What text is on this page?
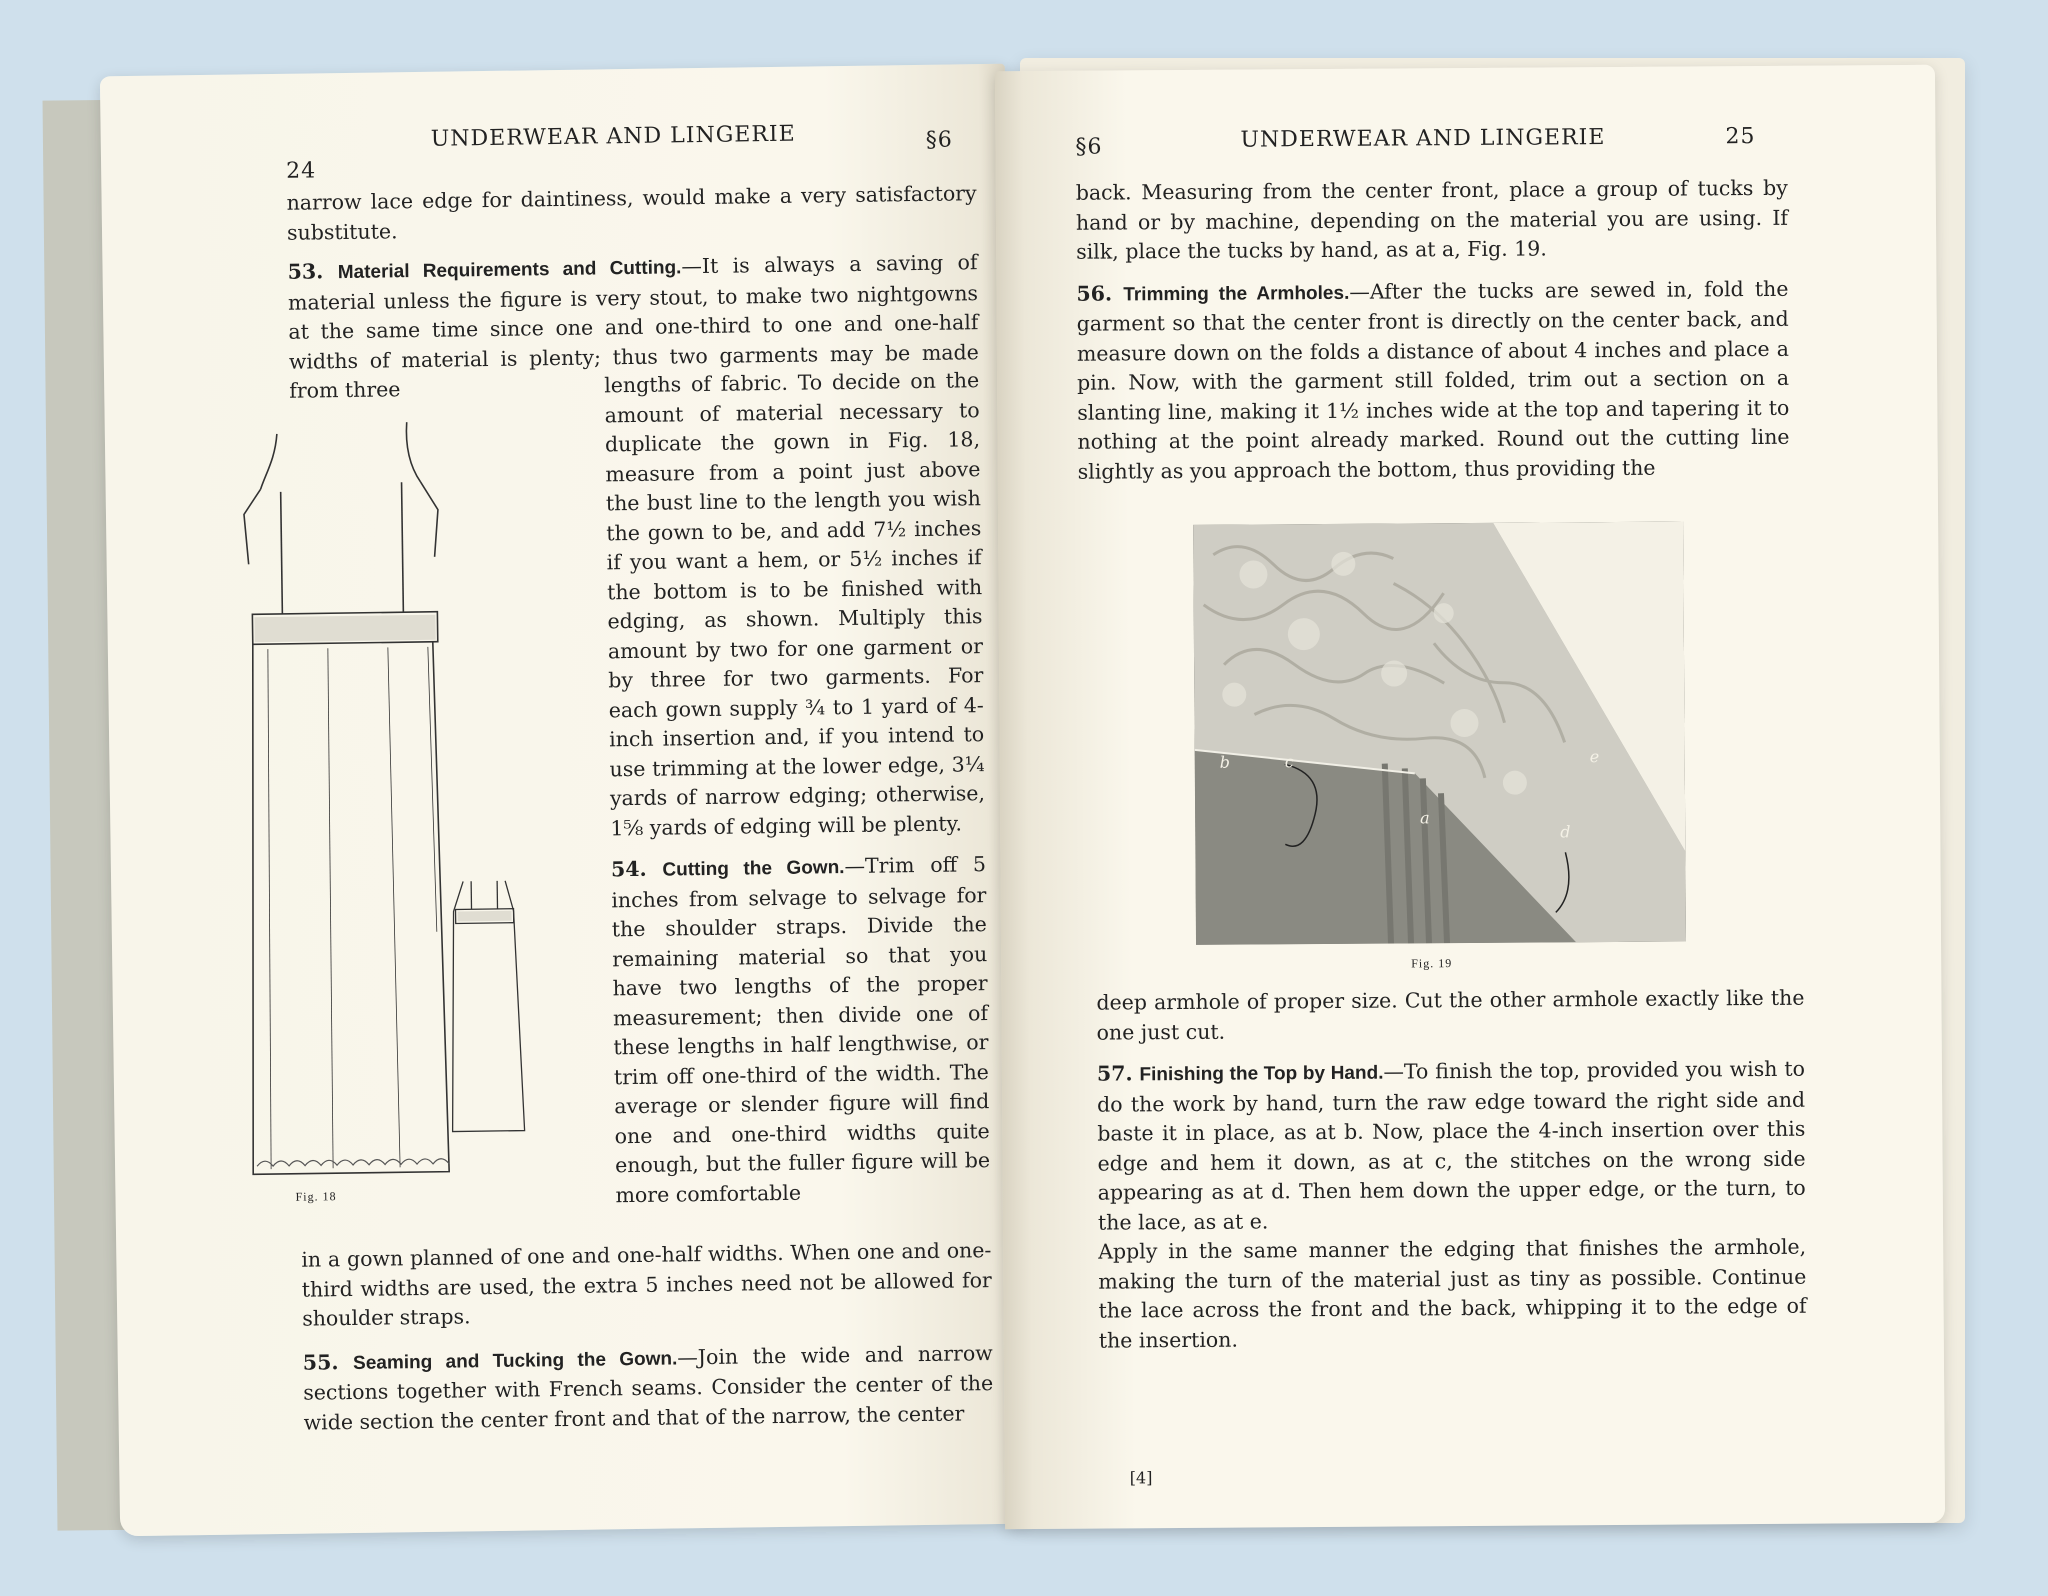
24
UNDERWEAR AND LINGERIE	§6

narrow lace edge for daintiness, would make a very satisfactory substitute.

53. Material Requirements and Cutting.—It is always a saving of material unless the figure is very stout, to make two nightgowns at the same time since one and one-third to one and one-half widths of material is plenty; thus two garments may be made from three	lengths of fabric. To decide on the amount of material necessary to duplicate the gown in Fig. 18, measure from a point just above the bust line to the length you wish the gown to be, and add 7½ inches if you want a hem, or 5½ inches if the bottom is to be finished with edging, as shown. Multiply this amount by two for one garment or by three for two garments. For each gown supply ¾ to 1 yard of 4-inch insertion and, if you intend to use trimming at the lower edge, 3¼ yards of narrow edging; otherwise, 1⅝ yards of edging will be plenty.

54. Cutting the Gown.—Trim off 5 inches from selvage to selvage for the shoulder straps. Divide the remaining material so that you have two lengths of the proper measurement; then divide one of these lengths in half lengthwise, or trim off one-third of the width. The average or slender figure will find one and one-third widths quite enough, but the fuller figure will be more comfortable

in a gown planned of one and one-half widths. When one and one-third widths are used, the extra 5 inches need not be allowed for shoulder straps.

55. Seaming and Tucking the Gown.—Join the wide and narrow sections together with French seams. Consider the center of the wide section the center front and that of the narrow, the center

Fig. 18
§6	UNDERWEAR AND LINGERIE	25

back. Measuring from the center front, place a group of tucks by hand or by machine, depending on the material you are using. If silk, place the tucks by hand, as at a, Fig. 19.

56. Trimming the Armholes.—After the tucks are sewed in, fold the garment so that the center front is directly on the center back, and measure down on the folds a distance of about 4 inches and place a pin. Now, with the garment still folded, trim out a section on a slanting line, making it 1½ inches wide at the top and tapering it to nothing at the point already marked. Round out the cutting line slightly as you approach the bottom, thus providing the

b	c
a
d
e
Fig. 19

deep armhole of proper size. Cut the other armhole exactly like the one just cut.

57. Finishing the Top by Hand.—To finish the top, provided you wish to do the work by hand, turn the raw edge toward the right side and baste it in place, as at b. Now, place the 4-inch insertion over this edge and hem it down, as at c, the stitches on the wrong side appearing as at d. Then hem down the upper edge, or the turn, to the lace, as at e.

Apply in the same manner the edging that finishes the armhole, making the turn of the material just as tiny as possible. Continue the lace across the front and the back, whipping it to the edge of the insertion.

[4]
